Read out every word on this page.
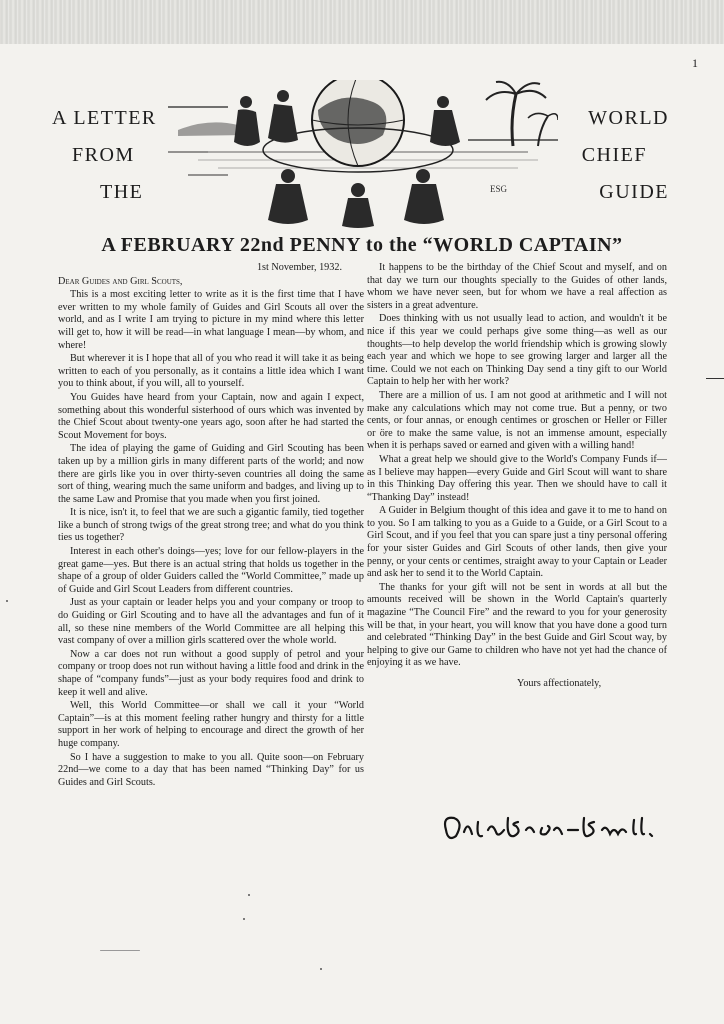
1
A LETTER
FROM
THE	ESG
WORLD
CHIEF
GUIDE
A FEBRUARY 22nd PENNY to the “WORLD CAPTAIN”

1st November, 1932.

Dear Guides and Girl Scouts,

This is a most exciting letter to write as it is the first time that I have ever written to my whole family of Guides and Girl Scouts all over the world, and as I write I am trying to picture in my mind where this letter will get to, how it will be read—in what language I mean—by whom, and where!

But wherever it is I hope that all of you who read it will take it as being written to each of you personally, as it contains a little idea which I want you to think about, if you will, all to yourself.

You Guides have heard from your Captain, now and again I expect, something about this wonderful sisterhood of ours which was invented by the Chief Scout about twenty-one years ago, soon after he had started the Scout Movement for boys.

The idea of playing the game of Guiding and Girl Scouting has been taken up by a million girls in many different parts of the world; and now there are girls like you in over thirty-seven countries all doing the same sort of thing, wearing much the same uniform and badges, and living up to the same Law and Promise that you made when you first joined.

It is nice, isn't it, to feel that we are such a gigantic family, tied together like a bunch of strong twigs of the great strong tree; and what do you think ties us together?

Interest in each other's doings—yes; love for our fellow-players in the great game—yes. But there is an actual string that holds us together in the shape of a group of older Guiders called the “World Committee,” made up of Guide and Girl Scout Leaders from different countries.

Just as your captain or leader helps you and your company or troop to do Guiding or Girl Scouting and to have all the advantages and fun of it all, so these nine members of the World Committee are all helping this vast company of over a million girls scattered over the whole world.

Now a car does not run without a good supply of petrol and your company or troop does not run without having a little food and drink in the shape of “company funds”—just as your body requires food and drink to keep it well and alive.

Well, this World Committee—or shall we call it your “World Captain”—is at this moment feeling rather hungry and thirsty for a little support in her work of helping to encourage and direct the growth of her huge company.

So I have a suggestion to make to you all. Quite soon—on February 22nd—we come to a day that has been named “Thinking Day” for us Guides and Girl Scouts.

It happens to be the birthday of the Chief Scout and myself, and on that day we turn our thoughts specially to the Guides of other lands, whom we have never seen, but for whom we have a real affection as sisters in a great adventure.

Does thinking with us not usually lead to action, and wouldn't it be nice if this year we could perhaps give some thing—as well as our thoughts—to help develop the world friendship which is growing slowly each year and which we hope to see growing larger and larger all the time. Could we not each on Thinking Day send a tiny gift to our World Captain to help her with her work?

There are a million of us. I am not good at arithmetic and I will not make any calculations which may not come true. But a penny, or two cents, or four annas, or enough centimes or groschen or Heller or Filler or öre to make the same value, is not an immense amount, especially when it is perhaps saved or earned and given with a willing hand!

What a great help we should give to the World's Company Funds if—as I believe may happen—every Guide and Girl Scout will want to share in this Thinking Day offering this year. Then we should have to call it “Thanking Day” instead!

A Guider in Belgium thought of this idea and gave it to me to hand on to you. So I am talking to you as a Guide to a Guide, or a Girl Scout to a Girl Scout, and if you feel that you can spare just a tiny personal offering for your sister Guides and Girl Scouts of other lands, then give your penny, or your cents or centimes, straight away to your Captain or Leader and ask her to send it to the World Captain.

The thanks for your gift will not be sent in words at all but the amounts received will be shown in the World Captain's quarterly magazine “The Council Fire” and the reward to you for your generosity will be that, in your heart, you will know that you have done a good turn and celebrated “Thinking Day” in the best Guide and Girl Scout way, by helping to give our Game to children who have not yet had the chance of enjoying it as we have.

Yours affectionately,
